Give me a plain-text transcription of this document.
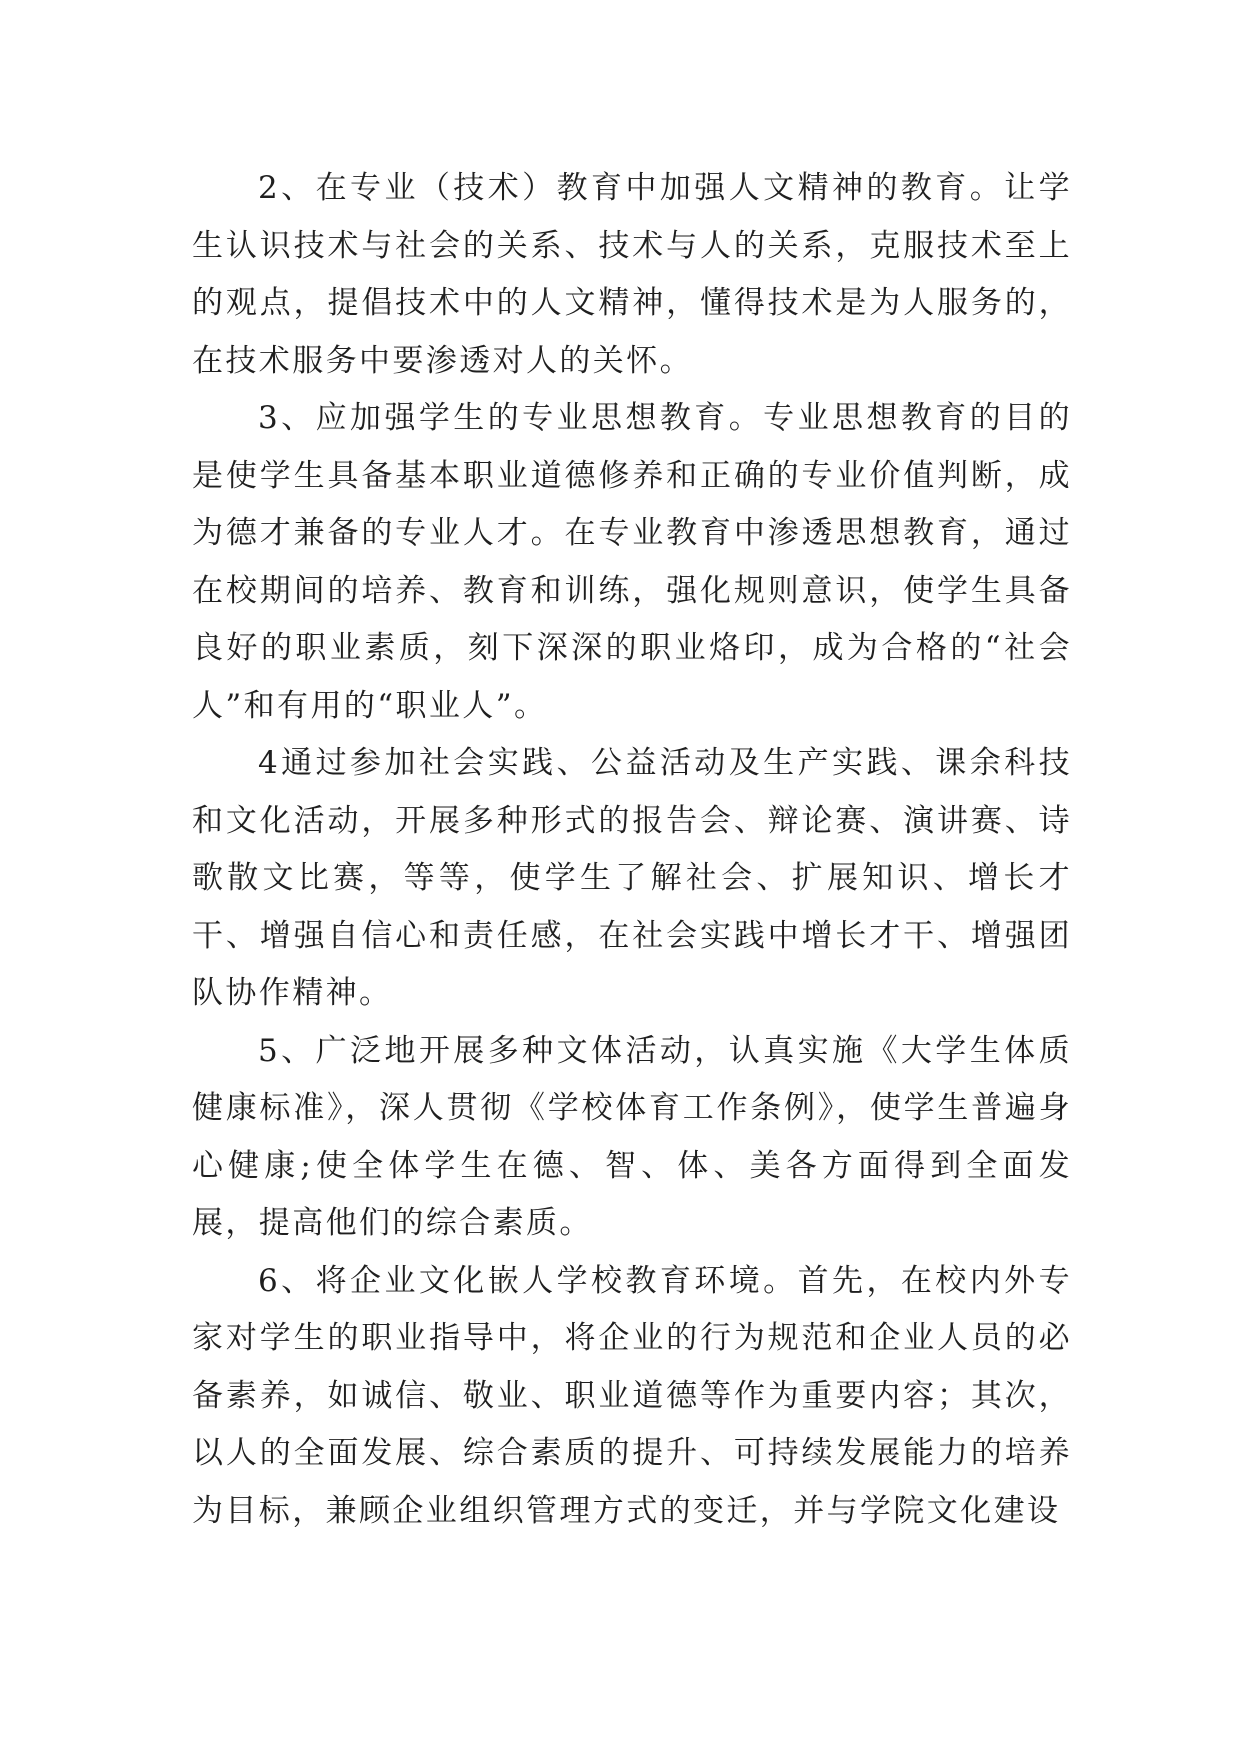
2、在专业（技术）教育中加强人文精神的教育。让学生认识技术与社会的关系、技术与人的关系，克服技术至上的观点，提倡技术中的人文精神，懂得技术是为人服务的，在技术服务中要渗透对人的关怀。

3、应加强学生的专业思想教育。专业思想教育的目的是使学生具备基本职业道德修养和正确的专业价值判断，成为德才兼备的专业人才。在专业教育中渗透思想教育，通过在校期间的培养、教育和训练，强化规则意识，使学生具备良好的职业素质，刻下深深的职业烙印，成为合格的“社会人”和有用的“职业人”。

4通过参加社会实践、公益活动及生产实践、课余科技和文化活动，开展多种形式的报告会、辩论赛、演讲赛、诗歌散文比赛，等等，使学生了解社会、扩展知识、增长才干、增强自信心和责任感，在社会实践中增长才干、增强团队协作精神。

5、广泛地开展多种文体活动，认真实施《大学生体质健康标准》，深人贯彻《学校体育工作条例》，使学生普遍身心健康;使全体学生在德、智、体、美各方面得到全面发展，提高他们的综合素质。

6、将企业文化嵌人学校教育环境。首先，在校内外专家对学生的职业指导中，将企业的行为规范和企业人员的必备素养，如诚信、敬业、职业道德等作为重要内容；其次，以人的全面发展、综合素质的提升、可持续发展能力的培养为目标，兼顾企业组织管理方式的变迁，并与学院文化建设
